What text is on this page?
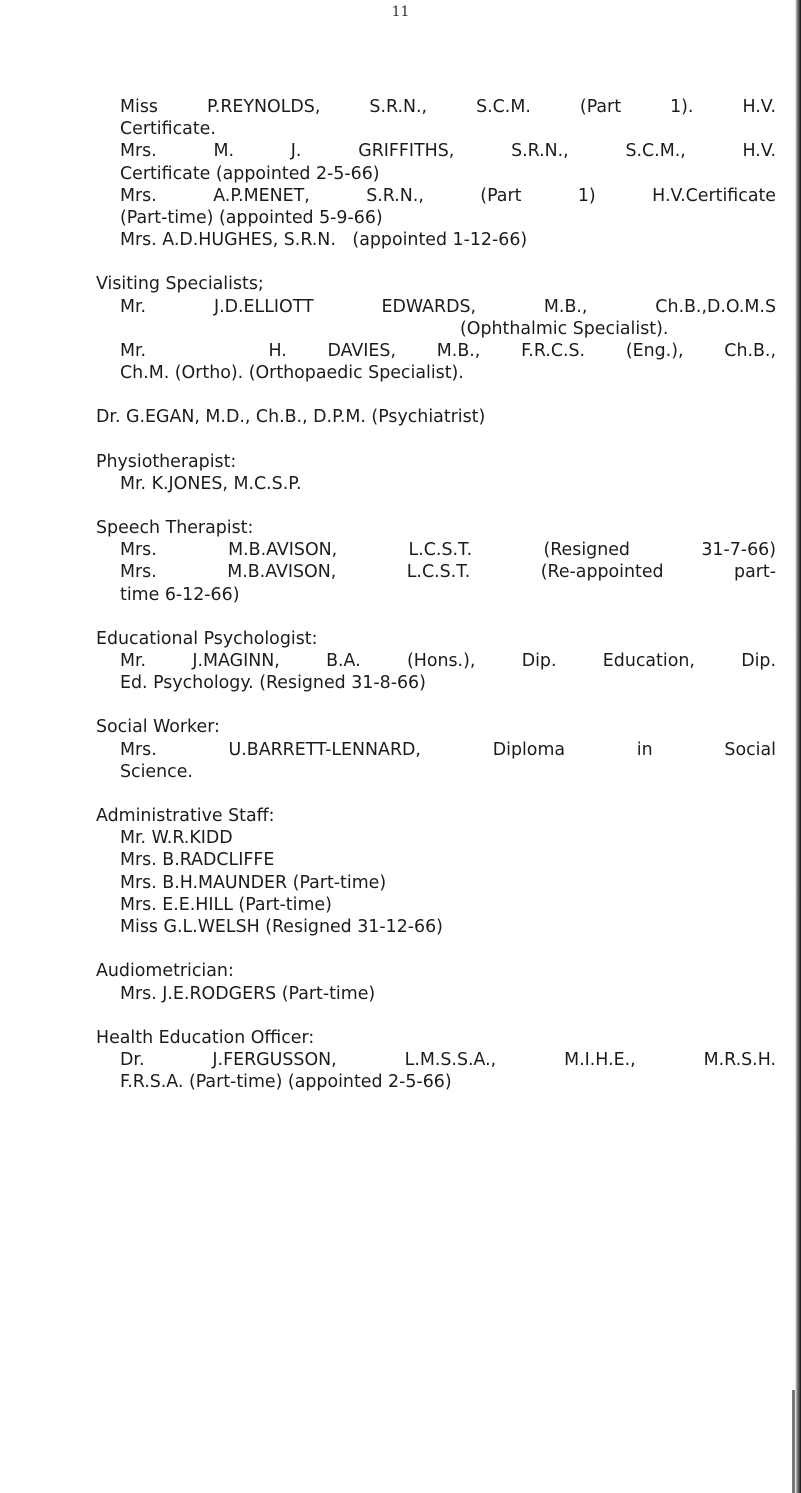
11
Miss P.REYNOLDS, S.R.N., S.C.M. (Part 1). H.V.
Certificate.
Mrs. M. J. GRIFFITHS, S.R.N., S.C.M., H.V.
Certificate (appointed 2-5-66)
Mrs. A.P.MENET, S.R.N., (Part 1) H.V.Certificate
(Part-time) (appointed 5-9-66)
Mrs. A.D.HUGHES, S.R.N.   (appointed 1-12-66)
Visiting Specialists;
Mr. J.D.ELLIOTT EDWARDS, M.B., Ch.B.,D.O.M.S
(Ophthalmic Specialist).
Mr.   H. DAVIES, M.B., F.R.C.S. (Eng.), Ch.B.,
Ch.M. (Ortho). (Orthopaedic Specialist).
Dr. G.EGAN, M.D., Ch.B., D.P.M. (Psychiatrist)
Physiotherapist:
Mr. K.JONES, M.C.S.P.
Speech Therapist:
Mrs. M.B.AVISON, L.C.S.T. (Resigned 31-7-66)
Mrs. M.B.AVISON, L.C.S.T. (Re-appointed part-
time 6-12-66)
Educational Psychologist:
Mr. J.MAGINN, B.A. (Hons.), Dip. Education, Dip.
Ed. Psychology. (Resigned 31-8-66)
Social Worker:
Mrs. U.BARRETT-LENNARD, Diploma in Social
Science.
Administrative Staff:
Mr. W.R.KIDD
Mrs. B.RADCLIFFE
Mrs. B.H.MAUNDER (Part-time)
Mrs. E.E.HILL (Part-time)
Miss G.L.WELSH (Resigned 31-12-66)
Audiometrician:
Mrs. J.E.RODGERS (Part-time)
Health Education Officer:
Dr. J.FERGUSSON, L.M.S.S.A., M.I.H.E., M.R.S.H.
F.R.S.A. (Part-time) (appointed 2-5-66)
